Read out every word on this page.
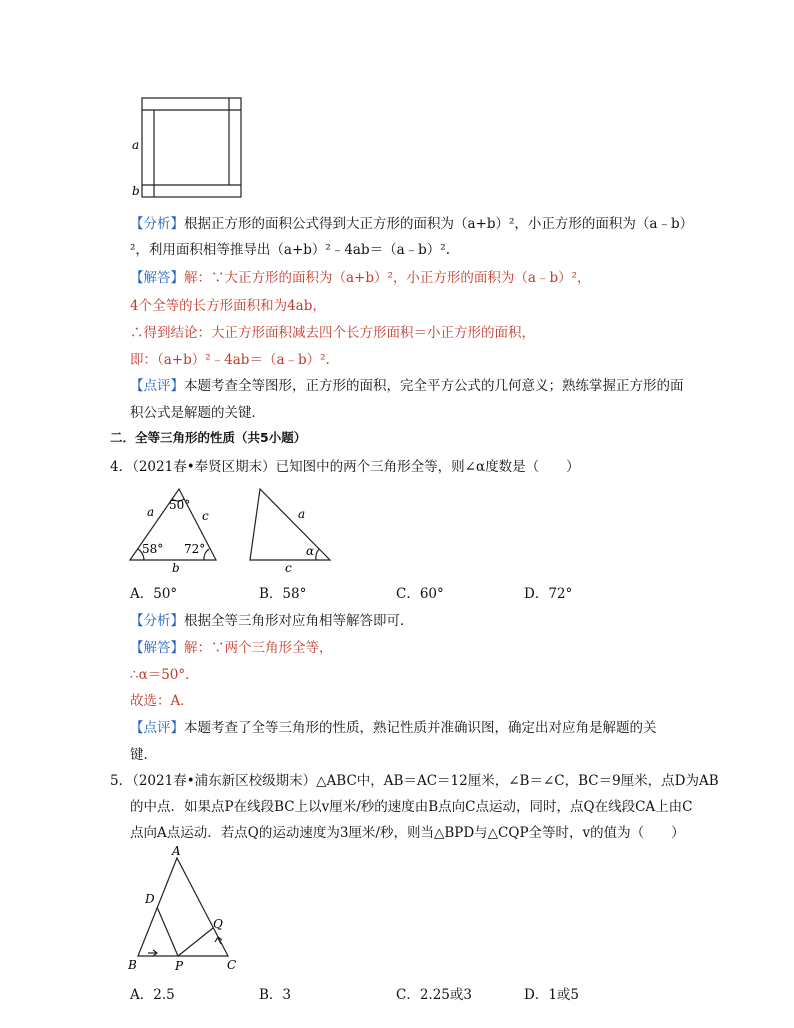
a
b
【分析】根据正方形的面积公式得到大正方形的面积为（a+b）²，小正方形的面积为（a﹣b）
²，利用面积相等推导出（a+b）²﹣4ab＝（a﹣b）².
【解答】解：∵大正方形的面积为（a+b）²，小正方形的面积为（a﹣b）²，
4个全等的长方形面积和为4ab，
∴得到结论：大正方形面积减去四个长方形面积＝小正方形的面积，
即：（a+b）²﹣4ab＝（a﹣b）².
【点评】本题考查全等图形，正方形的面积，完全平方公式的几何意义；熟练掌握正方形的面
积公式是解题的关键．
二．全等三角形的性质（共5小题）
4．（2021春•奉贤区期末）已知图中的两个三角形全等，则∠α度数是（　　）
50°
58° 72°
a	c
b
a
c
α
A．50°	B．58°	C．60°	D．72°
【分析】根据全等三角形对应角相等解答即可．
【解答】解：∵两个三角形全等，
∴α＝50°．
故选：A．
【点评】本题考查了全等三角形的性质，熟记性质并准确识图，确定出对应角是解题的关
键．
5．（2021春•浦东新区校级期末）△ABC中，AB＝AC＝12厘米，∠B＝∠C，BC＝9厘米，点D为AB
的中点．如果点P在线段BC上以v厘米/秒的速度由B点向C点运动，同时，点Q在线段CA上由C
点向A点运动．若点Q的运动速度为3厘米/秒，则当△BPD与△CQP全等时，v的值为（　　）
A
D
Q
B	P	C
A．2.5	B．3	C．2.25或3	D．1或5
